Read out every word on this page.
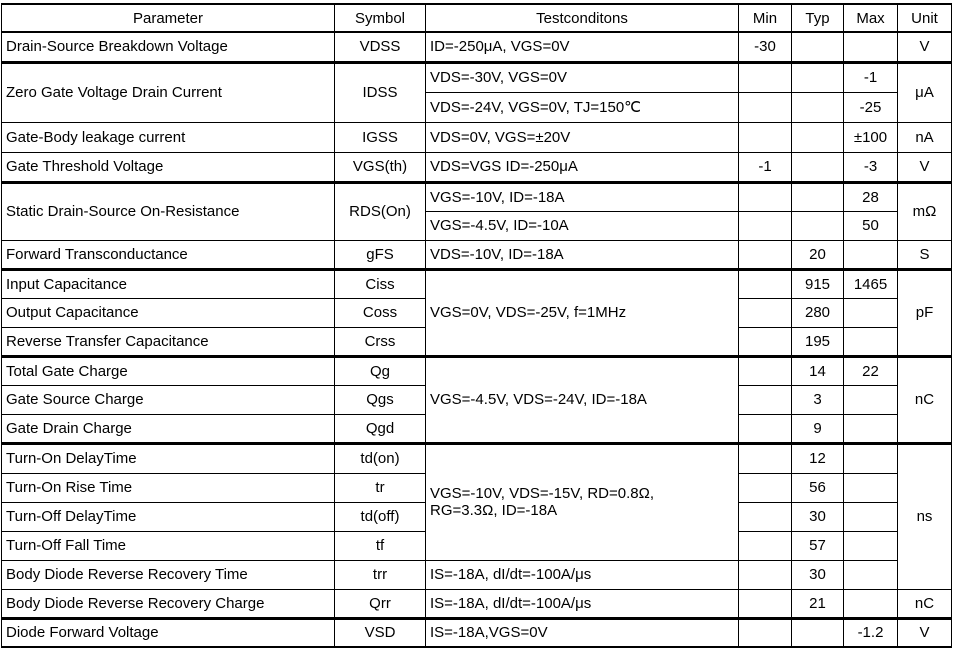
Parameter	Symbol	Testconditons	Min	Typ	Max	Unit
Drain-Source Breakdown Voltage	VDSS	ID=-250μA, VGS=0V	-30			V
Zero Gate Voltage Drain Current	IDSS	VDS=-30V, VGS=0V			-1	μA
		VDS=-24V, VGS=0V, TJ=150℃			-25	
Gate-Body leakage current	IGSS	VDS=0V, VGS=±20V			±100	nA
Gate Threshold Voltage	VGS(th)	VDS=VGS ID=-250μA	-1		-3	V
Static Drain-Source On-Resistance	RDS(On)	VGS=-10V, ID=-18A			28	mΩ
		VGS=-4.5V, ID=-10A			50	
Forward Transconductance	gFS	VDS=-10V, ID=-18A		20		S
Input Capacitance	Ciss	VGS=0V, VDS=-25V, f=1MHz		915	1465	pF
Output Capacitance	Coss			280		
Reverse Transfer Capacitance	Crss			195		
Total Gate Charge	Qg	VGS=-4.5V, VDS=-24V, ID=-18A		14	22	nC
Gate Source Charge	Qgs			3		
Gate Drain Charge	Qgd			9		
Turn-On DelayTime	td(on)	VGS=-10V, VDS=-15V, RD=0.8Ω,
RG=3.3Ω, ID=-18A		12		ns
Turn-On Rise Time	tr			56		
Turn-Off DelayTime	td(off)			30		
Turn-Off Fall Time	tf			57		
Body Diode Reverse Recovery Time	trr	IS=-18A, dI/dt=-100A/μs		30		
Body Diode Reverse Recovery Charge	Qrr	IS=-18A, dI/dt=-100A/μs		21		nC
Diode Forward Voltage	VSD	IS=-18A,VGS=0V			-1.2	V
